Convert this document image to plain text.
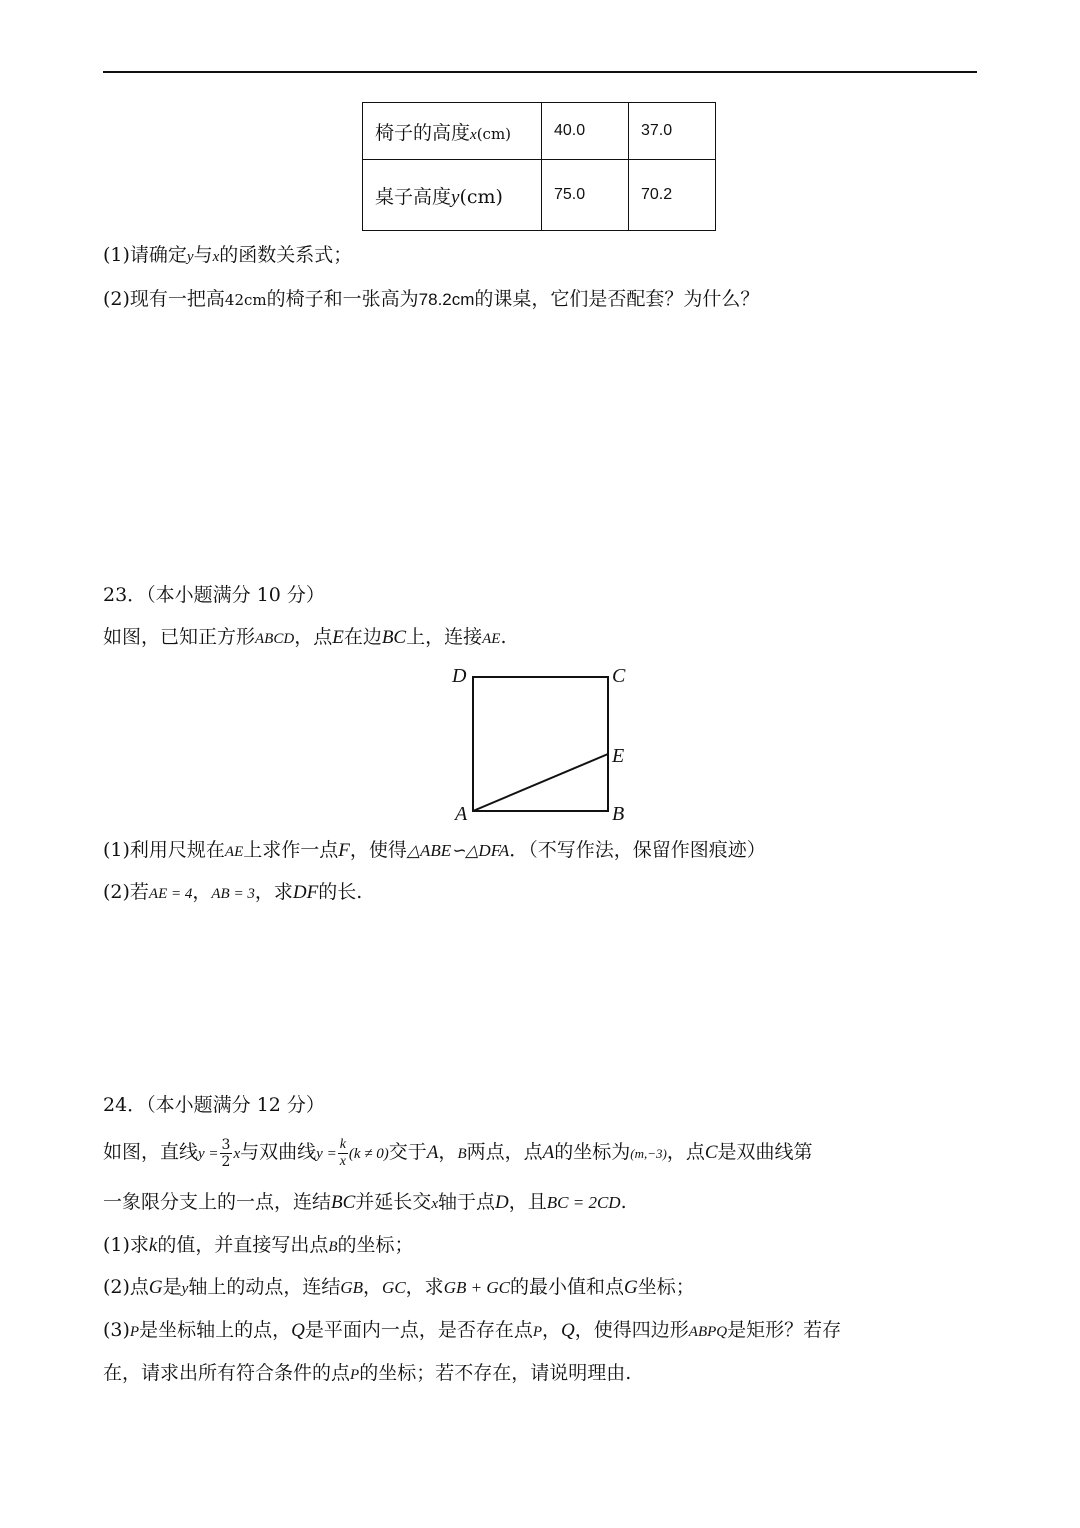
椅子的高度x(cm)	40.0	37.0
桌子高度y(cm)	75.0	70.2
(1)请确定y与x的函数关系式；
(2)现有一把高42cm的椅子和一张高为78.2cm的课桌，它们是否配套？为什么？
23．（本小题满分 10 分）
如图，已知正方形ABCD，点E在边BC上，连接AE.
D	C
E
A	B
(1)利用尺规在AE上求作一点F，使得△ABE∽△DFA．（不写作法，保留作图痕迹）
(2)若AE = 4，AB = 3，求DF的长.
24．（本小题满分 12 分）
如图，直线$y = \frac{3}{2}$ x与双曲线$y = \frac{k}{x} (k \ne 0)$交于A，B两点，点A的坐标为(m,−3)，点C是双曲线第
一象限分支上的一点，连结BC并延长交x轴于点D，且BC = 2CD.
(1)求k的值，并直接写出点B的坐标；
(2)点G是y轴上的动点，连结GB，GC，求GB + GC的最小值和点G坐标；
(3)P是坐标轴上的点，Q是平面内一点，是否存在点P，Q，使得四边形ABPQ是矩形？若存
在，请求出所有符合条件的点P的坐标；若不存在，请说明理由.
